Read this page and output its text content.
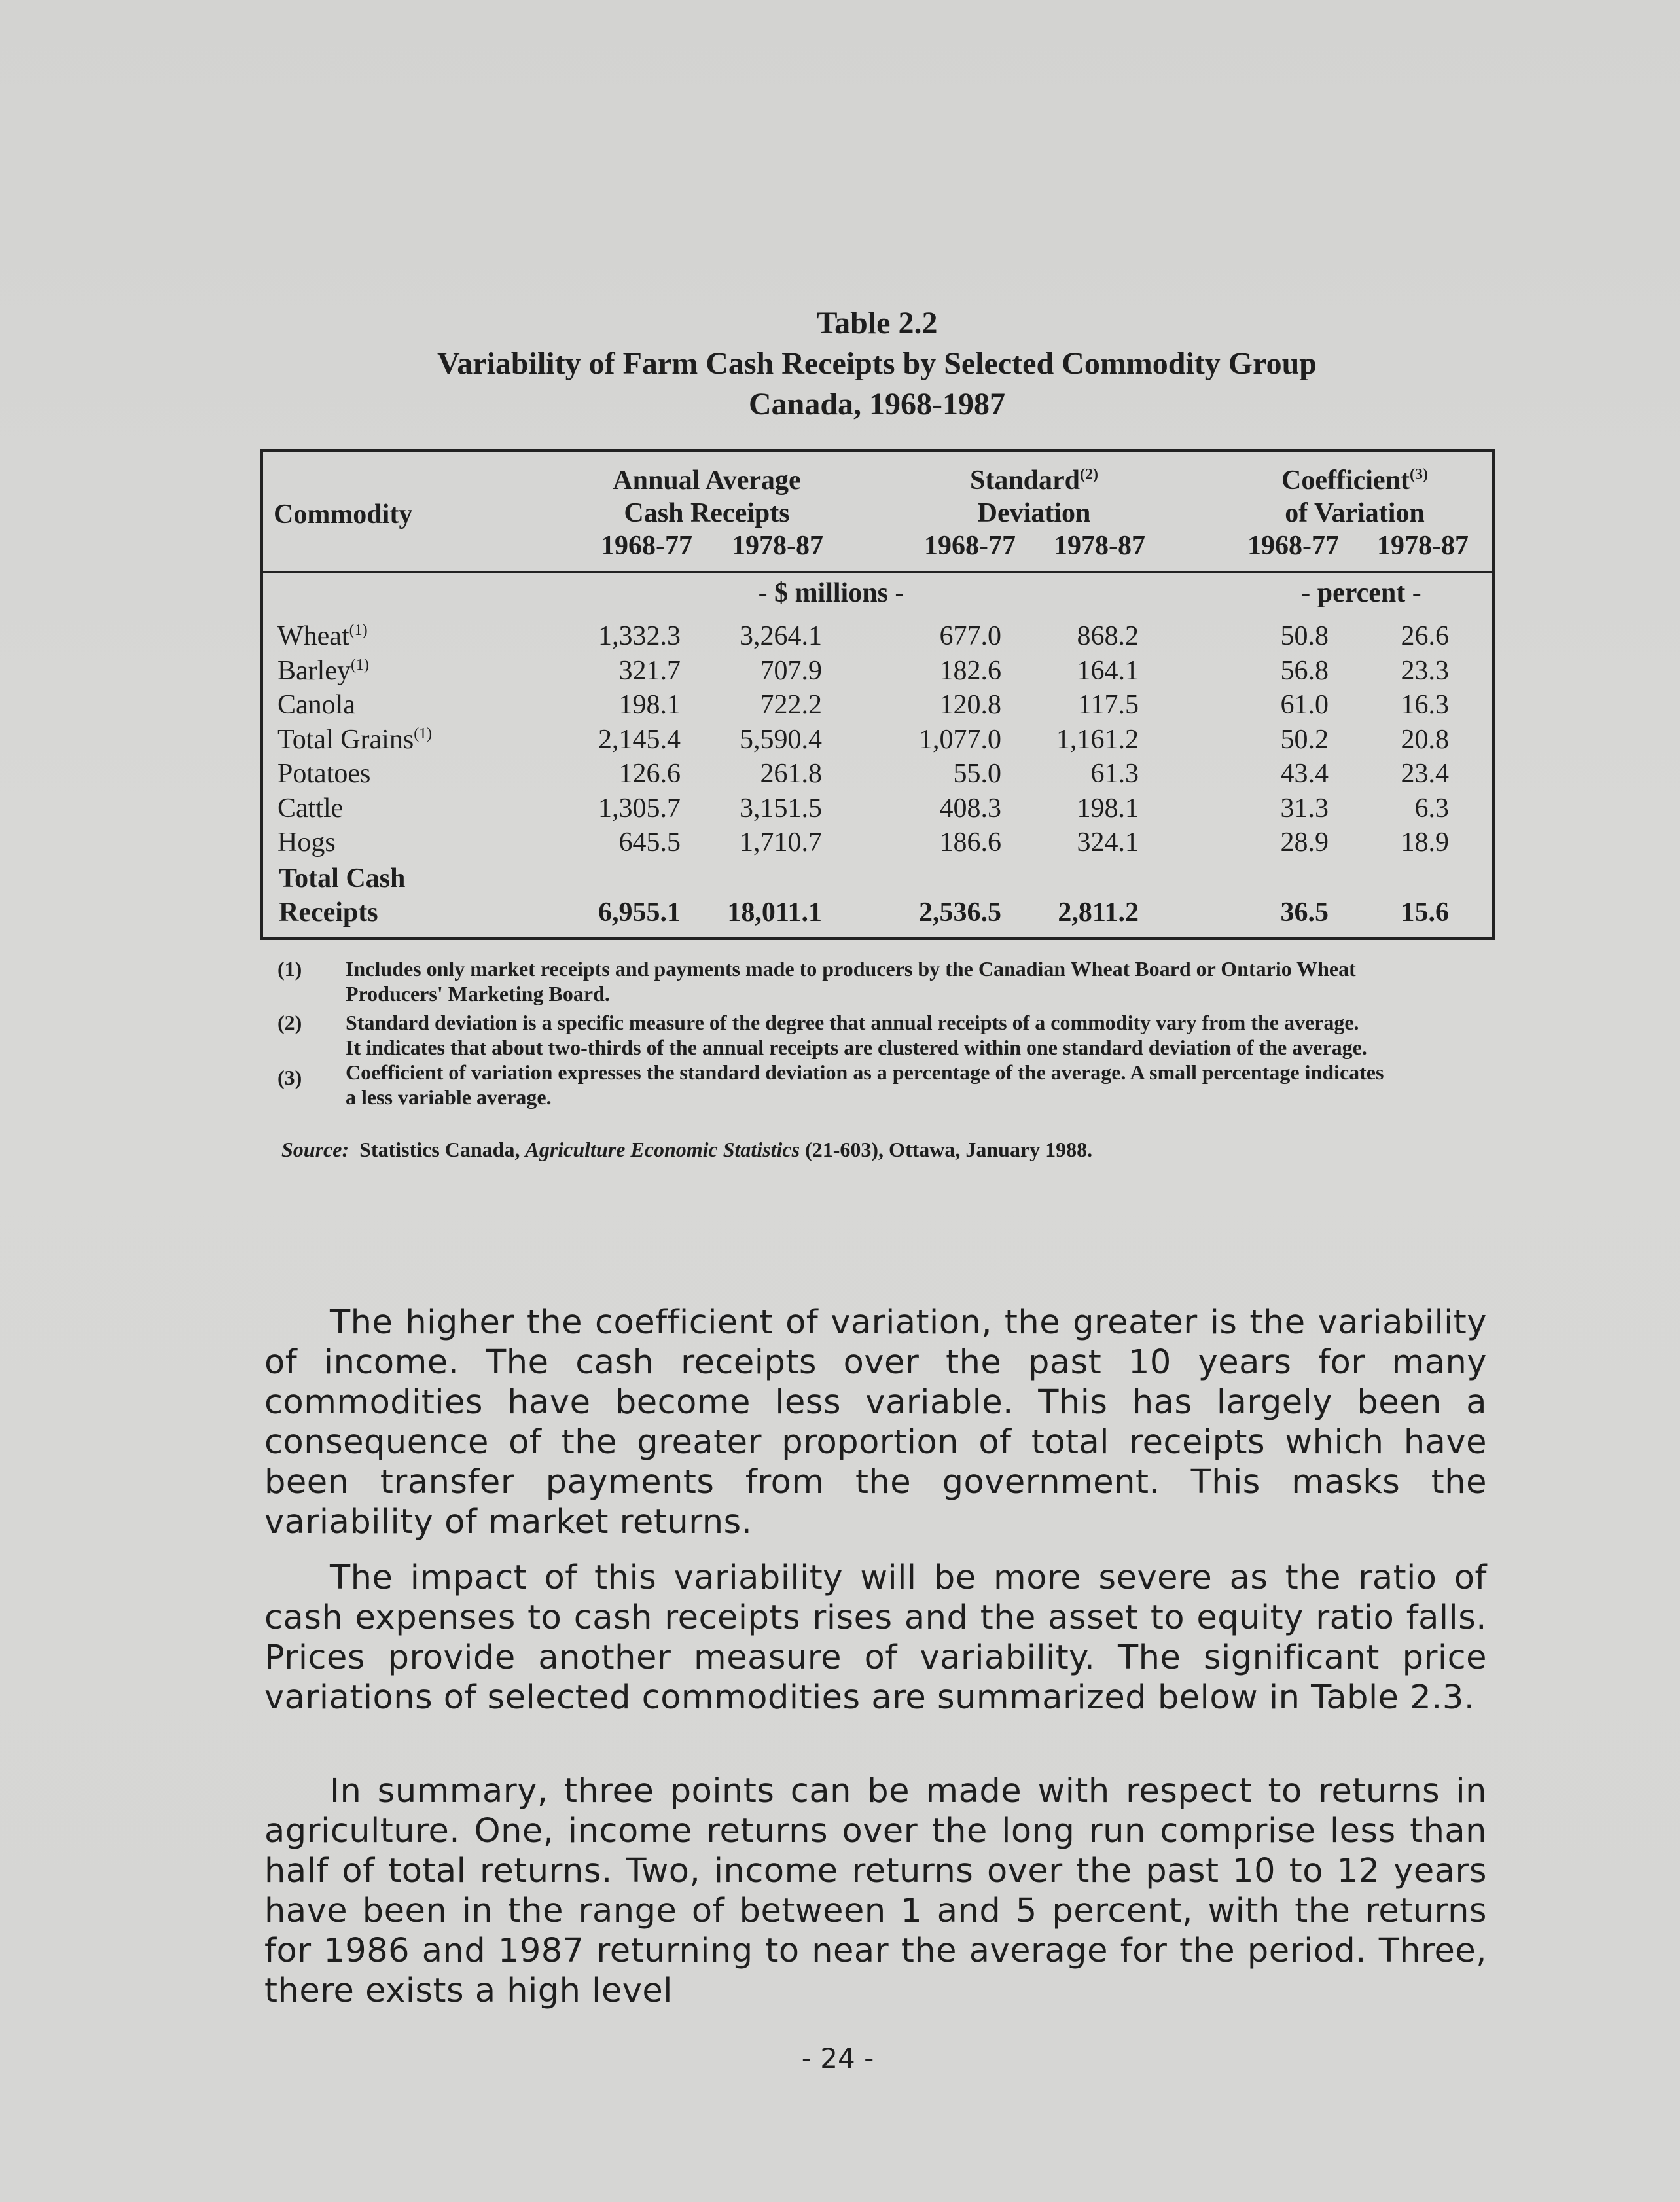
Table 2.2
Variability of Farm Cash Receipts by Selected Commodity Group
Canada, 1968-1987
Commodity
Annual Average
Cash Receipts
1968-77 1978-87
Standard$^{(2)}$
Deviation
1968-77 1978-87
Coefficient$^{(3)}$
of Variation
1968-77 1978-87
- $ millions -	- percent -
Wheat$^{(1)}$	1,332.3	3,264.1	677.0	868.2	50.8	26.6
Barley$^{(1)}$	321.7	707.9	182.6	164.1	56.8	23.3
Canola	198.1	722.2	120.8	117.5	61.0	16.3
Total Grains$^{(1)}$	2,145.4	5,590.4	1,077.0	1,161.2	50.2	20.8
Potatoes	126.6	261.8	55.0	61.3	43.4	23.4
Cattle	1,305.7	3,151.5	408.3	198.1	31.3	6.3
Hogs	645.5	1,710.7	186.6	324.1	28.9	18.9
Total Cash
Receipts	6,955.1	18,011.1	2,536.5	2,811.2	36.5	15.6
(1)	Includes only market receipts and payments made to producers by the Canadian Wheat Board or Ontario Wheat
Producers' Marketing Board.
(2)	Standard deviation is a specific measure of the degree that annual receipts of a commodity vary from the average.
It indicates that about two-thirds of the annual receipts are clustered within one standard deviation of the average.
(3)	Coefficient of variation expresses the standard deviation as a percentage of the average. A small percentage indicates
a less variable average.
Source: Statistics Canada, Agriculture Economic Statistics (21-603), Ottawa, January 1988.
The higher the coefficient of variation, the greater is the variability of income. The cash receipts over the past 10 years for many commodities have become less variable. This has largely been a consequence of the greater proportion of total receipts which have been transfer payments from the government. This masks the variability of market returns.
The impact of this variability will be more severe as the ratio of cash expenses to cash receipts rises and the asset to equity ratio falls. Prices provide another measure of variability. The significant price variations of selected commodities are summarized below in Table 2.3.
In summary, three points can be made with respect to returns in agriculture. One, income returns over the long run comprise less than half of total returns. Two, income returns over the past 10 to 12 years have been in the range of between 1 and 5 percent, with the returns for 1986 and 1987 returning to near the average for the period. Three, there exists a high level
- 24 -
